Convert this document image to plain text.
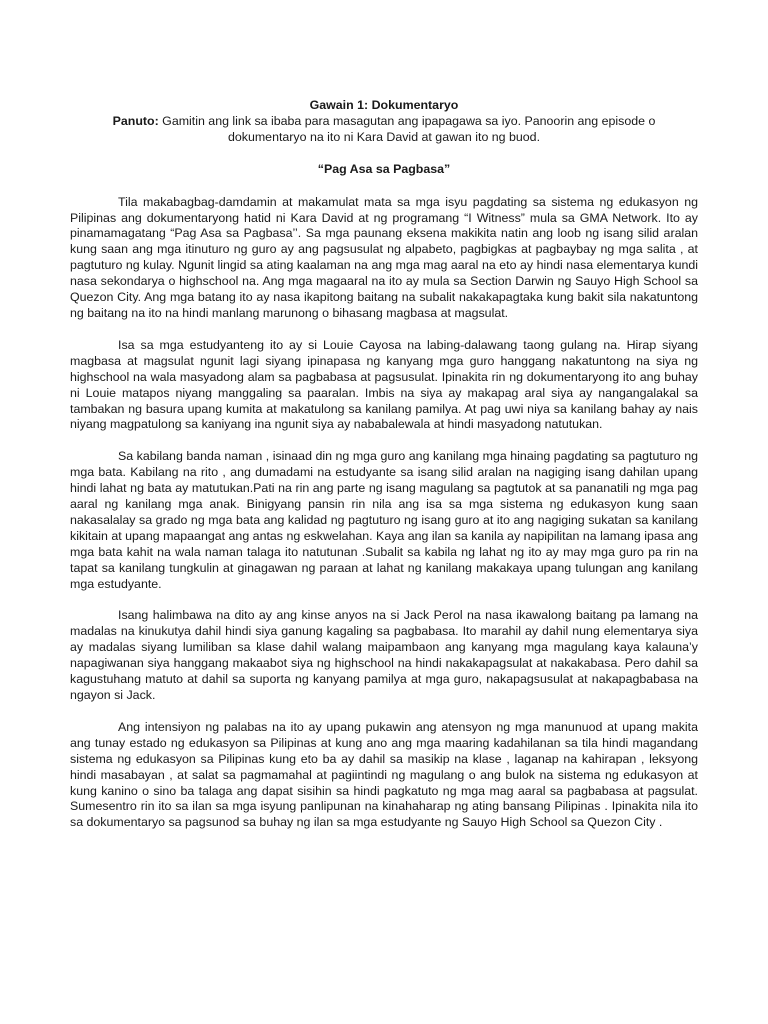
Gawain 1: Dokumentaryo

Panuto: Gamitin ang link sa ibaba para masagutan ang ipapagawa sa iyo. Panoorin ang episode o dokumentaryo na ito ni Kara David at gawan ito ng buod.

“Pag Asa sa Pagbasa”

Tila makabagbag-damdamin at makamulat mata sa mga isyu pagdating sa sistema ng edukasyon ng Pilipinas ang dokumentaryong hatid ni Kara David at ng programang “I Witness” mula sa GMA Network. Ito ay pinamamagatang “Pag Asa sa Pagbasa’’. Sa mga paunang eksena makikita natin ang loob ng isang silid aralan kung saan ang mga itinuturo ng guro ay ang pagsusulat ng alpabeto, pagbigkas at pagbaybay ng mga salita , at pagtuturo ng kulay. Ngunit lingid sa ating kaalaman na ang mga mag aaral na eto ay hindi nasa elementarya kundi nasa sekondarya o highschool na. Ang mga magaaral na ito ay mula sa Section Darwin ng Sauyo High School sa Quezon City. Ang mga batang ito ay nasa ikapitong baitang na subalit nakakapagtaka kung bakit sila nakatuntong ng baitang na ito na hindi manlang marunong o bihasang magbasa at magsulat.

Isa sa mga estudyanteng ito ay si Louie Cayosa na labing-dalawang taong gulang na. Hirap siyang magbasa at magsulat ngunit lagi siyang ipinapasa ng kanyang mga guro hanggang nakatuntong na siya ng highschool na wala masyadong alam sa pagbabasa at pagsusulat. Ipinakita rin ng dokumentaryong ito ang buhay ni Louie matapos niyang manggaling sa paaralan. Imbis na siya ay makapag aral siya ay nangangalakal sa tambakan ng basura upang kumita at makatulong sa kanilang pamilya. At pag uwi niya sa kanilang bahay ay nais niyang magpatulong sa kaniyang ina ngunit siya ay nababalewala at hindi masyadong natutukan.

Sa kabilang banda naman , isinaad din ng mga guro ang kanilang mga hinaing pagdating sa pagtuturo ng mga bata. Kabilang na rito , ang dumadami na estudyante sa isang silid aralan na nagiging isang dahilan upang hindi lahat ng bata ay matutukan.Pati na rin ang parte ng isang magulang sa pagtutok at sa pananatili ng mga pag aaral ng kanilang mga anak. Binigyang pansin rin nila ang isa sa mga sistema ng edukasyon kung saan nakasalalay sa grado ng mga bata ang kalidad ng pagtuturo ng isang guro at ito ang nagiging sukatan sa kanilang kikitain at upang mapaangat ang antas ng eskwelahan. Kaya ang ilan sa kanila ay napipilitan na lamang ipasa ang mga bata kahit na wala naman talaga ito natutunan .Subalit sa kabila ng lahat ng ito ay may mga guro pa rin na tapat sa kanilang tungkulin at ginagawan ng paraan at lahat ng kanilang makakaya upang tulungan ang kanilang mga estudyante.

Isang halimbawa na dito ay ang kinse anyos na si Jack Perol na nasa ikawalong baitang pa lamang na madalas na kinukutya dahil hindi siya ganung kagaling sa pagbabasa. Ito marahil ay dahil nung elementarya siya ay madalas siyang lumiliban sa klase dahil walang maipambaon ang kanyang mga magulang kaya kalauna’y napagiwanan siya hanggang makaabot siya ng highschool na hindi nakakapagsulat at nakakabasa. Pero dahil sa kagustuhang matuto at dahil sa suporta ng kanyang pamilya at mga guro, nakapagsusulat at nakapagbabasa na ngayon si Jack.

Ang intensiyon ng palabas na ito ay upang pukawin ang atensyon ng mga manunuod at upang makita ang tunay estado ng edukasyon sa Pilipinas at kung ano ang mga maaring kadahilanan sa tila hindi magandang sistema ng edukasyon sa Pilipinas kung eto ba ay dahil sa masikip na klase , laganap na kahirapan , leksyong hindi masabayan , at salat sa pagmamahal at pagiintindi ng magulang o ang bulok na sistema ng edukasyon at kung kanino o sino ba talaga ang dapat sisihin sa hindi pagkatuto ng mga mag aaral sa pagbabasa at pagsulat. Sumesentro rin ito sa ilan sa mga isyung panlipunan na kinahaharap ng ating bansang Pilipinas . Ipinakita nila ito sa dokumentaryo sa pagsunod sa buhay ng ilan sa mga estudyante ng Sauyo High School sa Quezon City .
